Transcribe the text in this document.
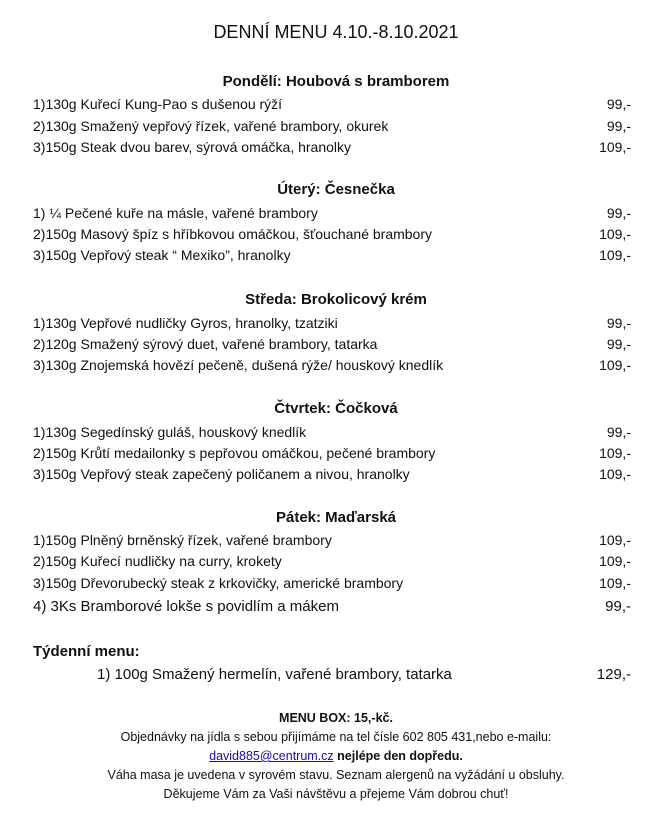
DENNÍ MENU 4.10.-8.10.2021
Pondělí: Houbová s bramborem
1)130g Kuřecí Kung-Pao s dušenou rýží	99,-
2)130g Smažený vepřový řízek, vařené brambory, okurek	99,-
3)150g Steak dvou barev, sýrová omáčka, hranolky	109,-
Úterý: Česnečka
1) ¼ Pečené kuře na másle, vařené brambory	99,-
2)150g Masový špíz s hříbkovou omáčkou, šťouchané brambory	109,-
3)150g Vepřový steak “ Mexiko”, hranolky	109,-
Středa: Brokolicový krém
1)130g Vepřové nudličky Gyros, hranolky, tzatziki	99,-
2)120g Smažený sýrový duet, vařené brambory, tatarka	99,-
3)130g Znojemská hovězí pečeně, dušená rýže/ houskový knedlík	109,-
Čtvrtek: Čočková
1)130g Segedínský guláš, houskový knedlík	99,-
2)150g Krůtí medailonky s pepřovou omáčkou, pečené brambory	109,-
3)150g Vepřový steak zapečený poličanem a nivou, hranolky	109,-
Pátek: Maďarská
1)150g Plněný brněnský řízek, vařené brambory	109,-
2)150g Kuřecí nudličky na curry, krokety	109,-
3)150g Dřevorubecký steak z krkovičky, americké brambory	109,-
4) 3Ks Bramborové lokše s povidlím a mákem	99,-
Týdenní menu:
1) 100g Smažený hermelín, vařené brambory, tatarka	129,-
MENU BOX: 15,-kč.
Objednávky na jídla s sebou přijímáme na tel čísle 602 805 431,nebo e-mailu:
david885@centrum.cz nejlépe den dopředu.
Váha masa je uvedena v syrovém stavu. Seznam alergenů na vyžádání u obsluhy.
Děkujeme Vám za Vaši návštěvu a přejeme Vám dobrou chuť!
